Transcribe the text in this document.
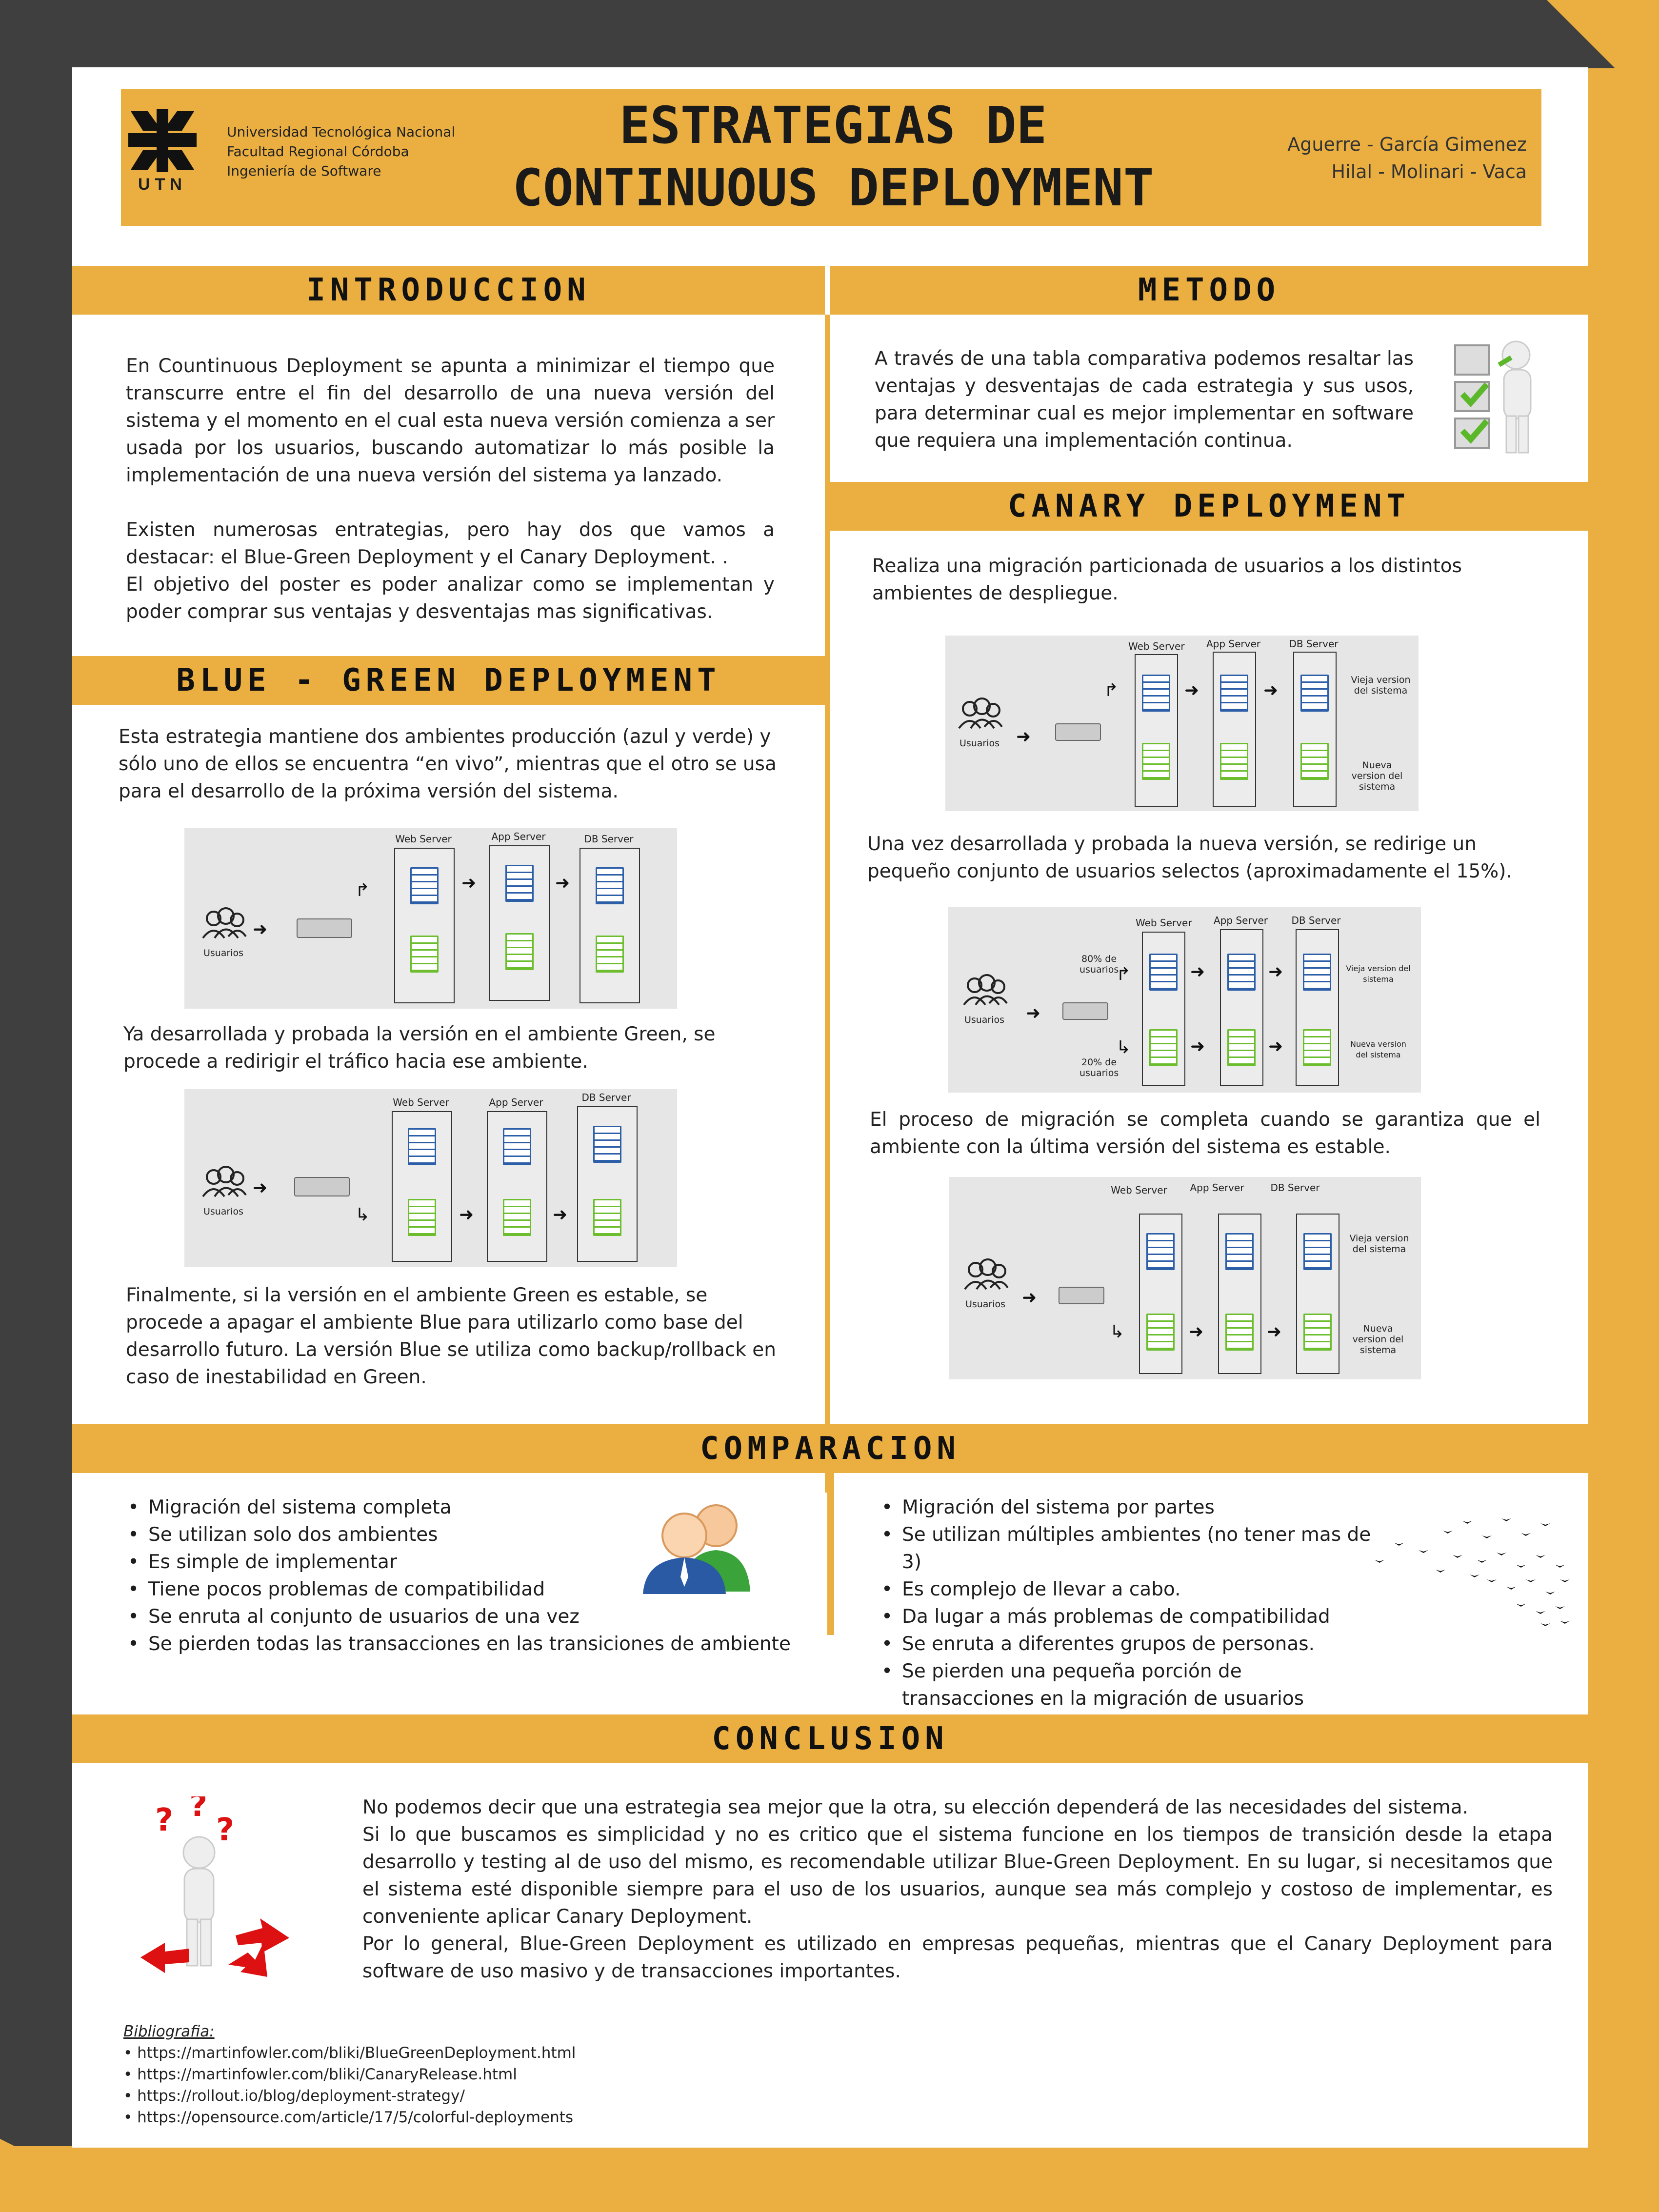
UTN
Universidad Tecnológica Nacional
Facultad Regional Córdoba
Ingeniería de Software
ESTRATEGIAS DE
CONTINUOUS DEPLOYMENT
Aguerre - García Gimenez
Hilal - Molinari - Vaca
INTRODUCCION	METODO
En Countinuous Deployment se apunta a minimizar el tiempo que transcurre entre el fin del desarrollo de una nueva versión del sistema y el momento en el cual esta nueva versión comienza a ser usada por los usuarios, buscando automatizar lo más posible la implementación de una nueva versión del sistema ya lanzado.
Existen numerosas entrategias, pero hay dos que vamos a destacar: el Blue-Green Deployment y el Canary Deployment. .
El objetivo del poster es poder analizar como se implementan y poder comprar sus ventajas y desventajas mas significativas.
A través de una tabla comparativa podemos resaltar las ventajas y desventajas de cada estrategia y sus usos, para determinar cual es mejor implementar en software que requiera una implementación continua.
CANARY DEPLOYMENT
BLUE - GREEN DEPLOYMENT
Esta estrategia mantiene dos ambientes producción (azul y verde) y sólo uno de ellos se encuentra “en vivo”, mientras que el otro se usa para el desarrollo de la próxima versión del sistema.
Usuarios
➜
↱
Web Server	App Server	DB Server
➜	➜
Ya desarrollada y probada la versión en el ambiente Green, se procede a redirigir el tráfico hacia ese ambiente.
Usuarios
➜
↳
Web Server	App Server	DB Server
➜	➜
Finalmente, si la versión en el ambiente Green es estable, se procede a apagar el ambiente Blue para utilizarlo como base del desarrollo futuro. La versión Blue se utiliza como backup/rollback en caso de inestabilidad en Green.
Realiza una migración particionada de usuarios a los distintos ambientes de despliegue.
Usuarios ➜
↱
Web Server App Server	DB Server
➜	➜
Vieja version del sistema
Nueva version del sistema
Una vez desarrollada y probada la nueva versión, se redirige un pequeño conjunto de usuarios selectos (aproximadamente el 15%).
Usuarios ➜
80% de usuarios
↱
↳
20% de usuarios
Web Server App Server DB Server
➜	➜
➜	➜
Vieja version del sistema
Nueva version del sistema
El proceso de migración se completa cuando se garantiza que el ambiente con la última versión del sistema es estable.
Usuarios ➜
↳
Web Server App Server	DB Server
➜	➜
Vieja version del sistema
Nueva version del sistema
COMPARACION
• Migración del sistema completa
• Se utilizan solo dos ambientes
• Es simple de implementar
• Tiene pocos problemas de compatibilidad
• Se enruta al conjunto de usuarios de una vez
• Se pierden todas las transacciones en las transiciones de ambiente
• Migración del sistema por partes
• Se utilizan múltiples ambientes (no tener mas de 3)
• Es complejo de llevar a cabo.
• Da lugar a más problemas de compatibilidad
• Se enruta a diferentes grupos de personas.
• Se pierden una pequeña porción de transacciones en la migración de usuarios
CONCLUSION
? ?
?
No podemos decir que una estrategia sea mejor que la otra, su elección dependerá de las necesidades del sistema.
Si lo que buscamos es simplicidad y no es critico que el sistema funcione en los tiempos de transición desde la etapa desarrollo y testing al de uso del mismo, es recomendable utilizar Blue-Green Deployment. En su lugar, si necesitamos que el sistema esté disponible siempre para el uso de los usuarios, aunque sea más complejo y costoso de implementar, es conveniente aplicar Canary Deployment.
Por lo general, Blue-Green Deployment es utilizado en empresas pequeñas, mientras que el Canary Deployment para software de uso masivo y de transacciones importantes.
Bibliografia:
• https://martinfowler.com/bliki/BlueGreenDeployment.html
• https://martinfowler.com/bliki/CanaryRelease.html
• https://rollout.io/blog/deployment-strategy/
• https://opensource.com/article/17/5/colorful-deployments
